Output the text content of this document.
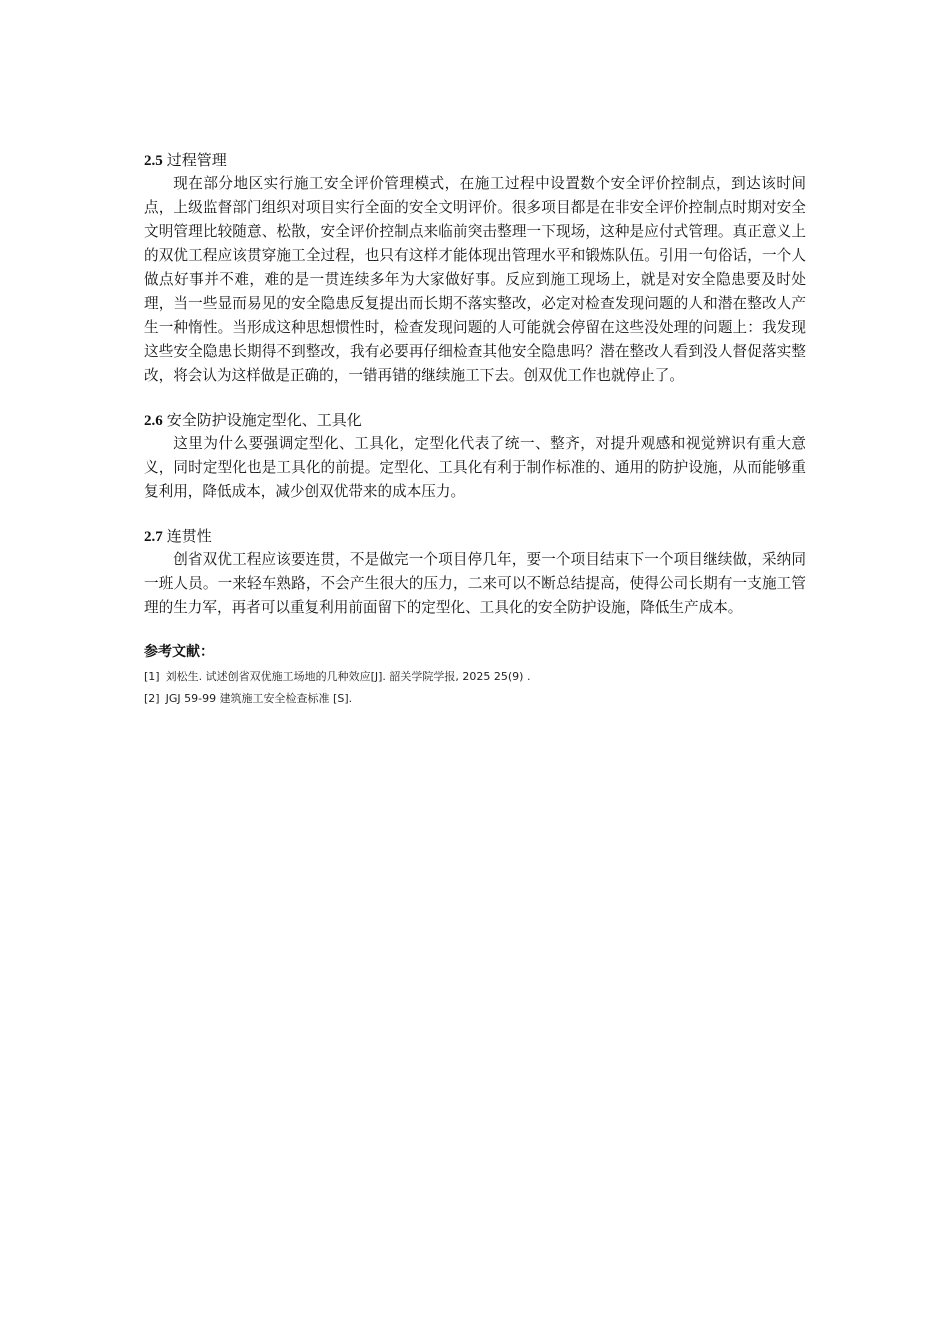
2.5 过程管理

现在部分地区实行施工安全评价管理模式，在施工过程中设置数个安全评价控制点，到达该时间点，上级监督部门组织对项目实行全面的安全文明评价。很多项目都是在非安全评价控制点时期对安全文明管理比较随意、松散，安全评价控制点来临前突击整理一下现场，这种是应付式管理。真正意义上的双优工程应该贯穿施工全过程，也只有这样才能体现出管理水平和锻炼队伍。引用一句俗话，一个人做点好事并不难，难的是一贯连续多年为大家做好事。反应到施工现场上，就是对安全隐患要及时处理，当一些显而易见的安全隐患反复提出而长期不落实整改，必定对检查发现问题的人和潜在整改人产生一种惰性。当形成这种思想惯性时，检查发现问题的人可能就会停留在这些没处理的问题上：我发现这些安全隐患长期得不到整改，我有必要再仔细检查其他安全隐患吗？潜在整改人看到没人督促落实整改，将会认为这样做是正确的，一错再错的继续施工下去。创双优工作也就停止了。

2.6 安全防护设施定型化、工具化

这里为什么要强调定型化、工具化，定型化代表了统一、整齐，对提升观感和视觉辨识有重大意义，同时定型化也是工具化的前提。定型化、工具化有利于制作标准的、通用的防护设施，从而能够重复利用，降低成本，减少创双优带来的成本压力。

2.7 连贯性

创省双优工程应该要连贯，不是做完一个项目停几年，要一个项目结束下一个项目继续做，采纳同一班人员。一来轻车熟路，不会产生很大的压力，二来可以不断总结提高，使得公司长期有一支施工管理的生力军，再者可以重复利用前面留下的定型化、工具化的安全防护设施，降低生产成本。

参考文献：
[1] 刘松生. 试述创省双优施工场地的几种效应[J]. 韶关学院学报, 2025 25(9) .
[2] JGJ 59-99 建筑施工安全检查标准 [S].
